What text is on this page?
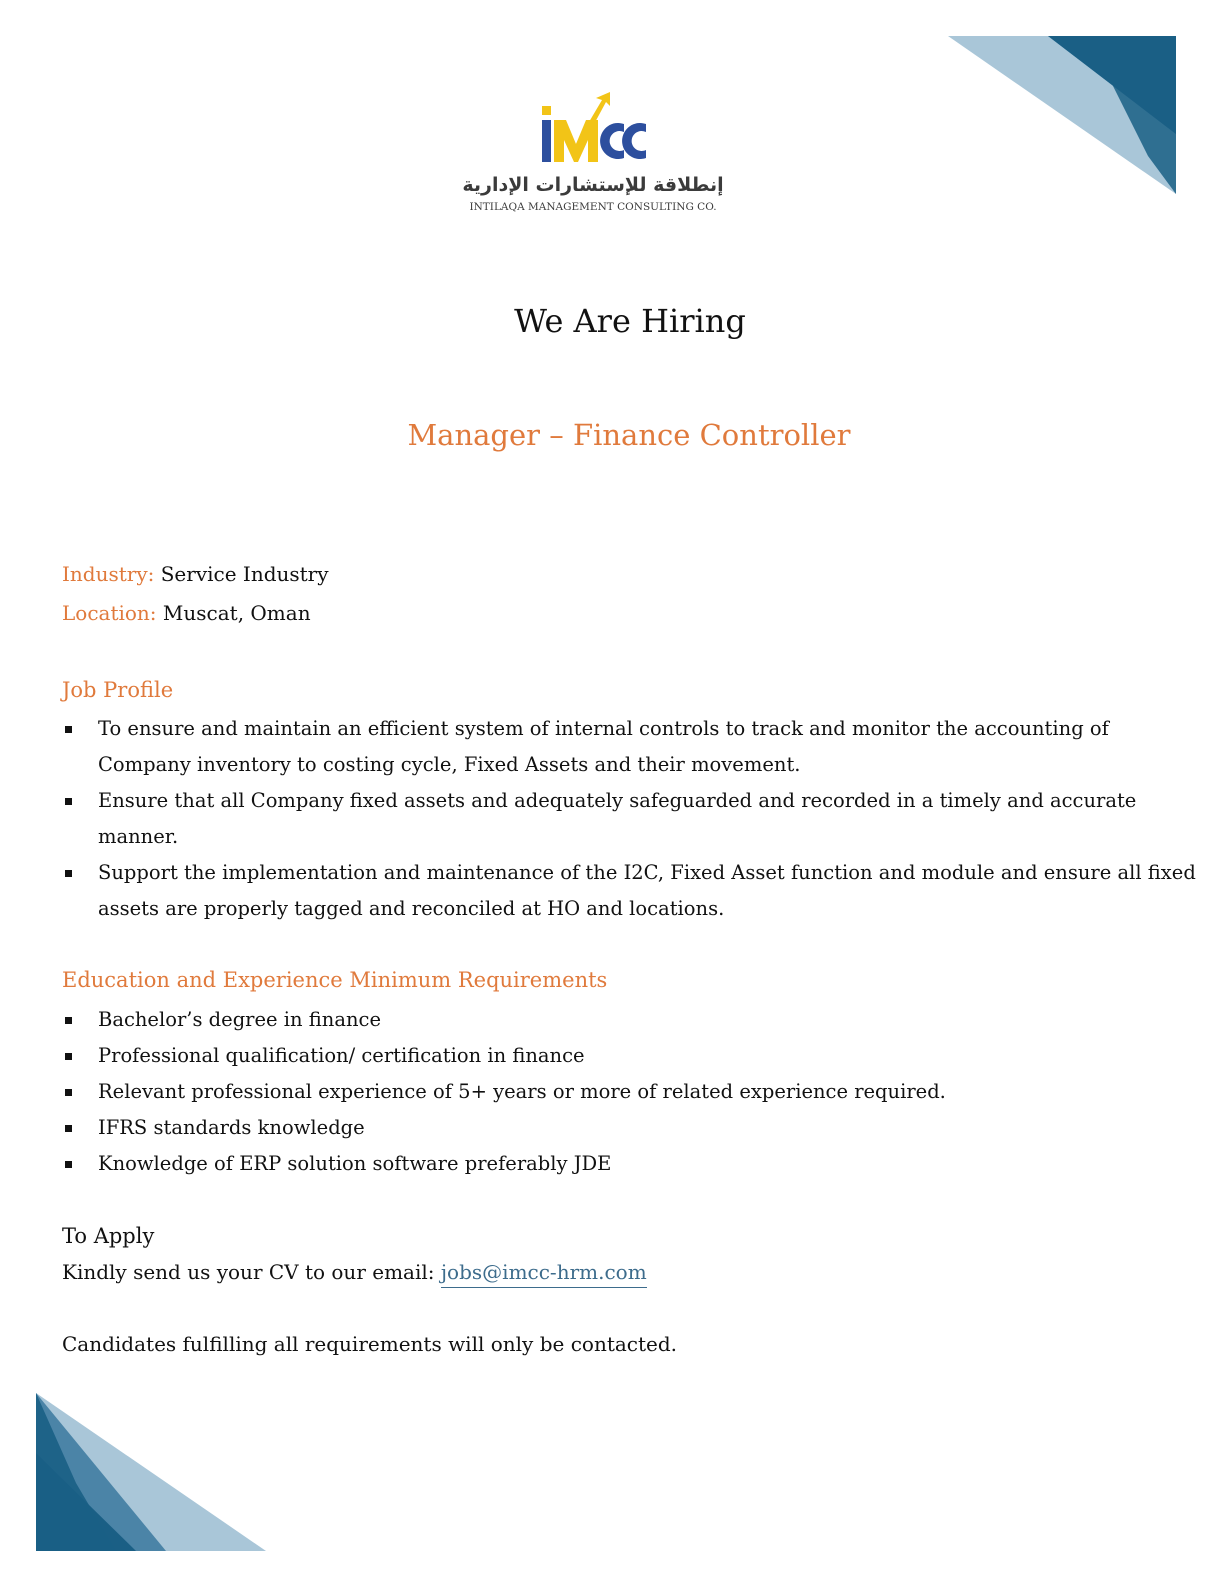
إنطلاقة للإستشارات الإدارية
INTILAQA MANAGEMENT CONSULTING CO.
We Are Hiring
Manager – Finance Controller
Industry: Service Industry
Location: Muscat, Oman
Job Profile
To ensure and maintain an efficient system of internal controls to track and monitor the accounting of Company inventory to costing cycle, Fixed Assets and their movement.
Ensure that all Company fixed assets and adequately safeguarded and recorded in a timely and accurate manner.
Support the implementation and maintenance of the I2C, Fixed Asset function and module and ensure all fixed assets are properly tagged and reconciled at HO and locations.
Education and Experience Minimum Requirements
Bachelor’s degree in finance
Professional qualification/ certification in finance
Relevant professional experience of 5+ years or more of related experience required.
IFRS standards knowledge
Knowledge of ERP solution software preferably JDE
To Apply
Kindly send us your CV to our email: jobs@imcc-hrm.com
Candidates fulfilling all requirements will only be contacted.
